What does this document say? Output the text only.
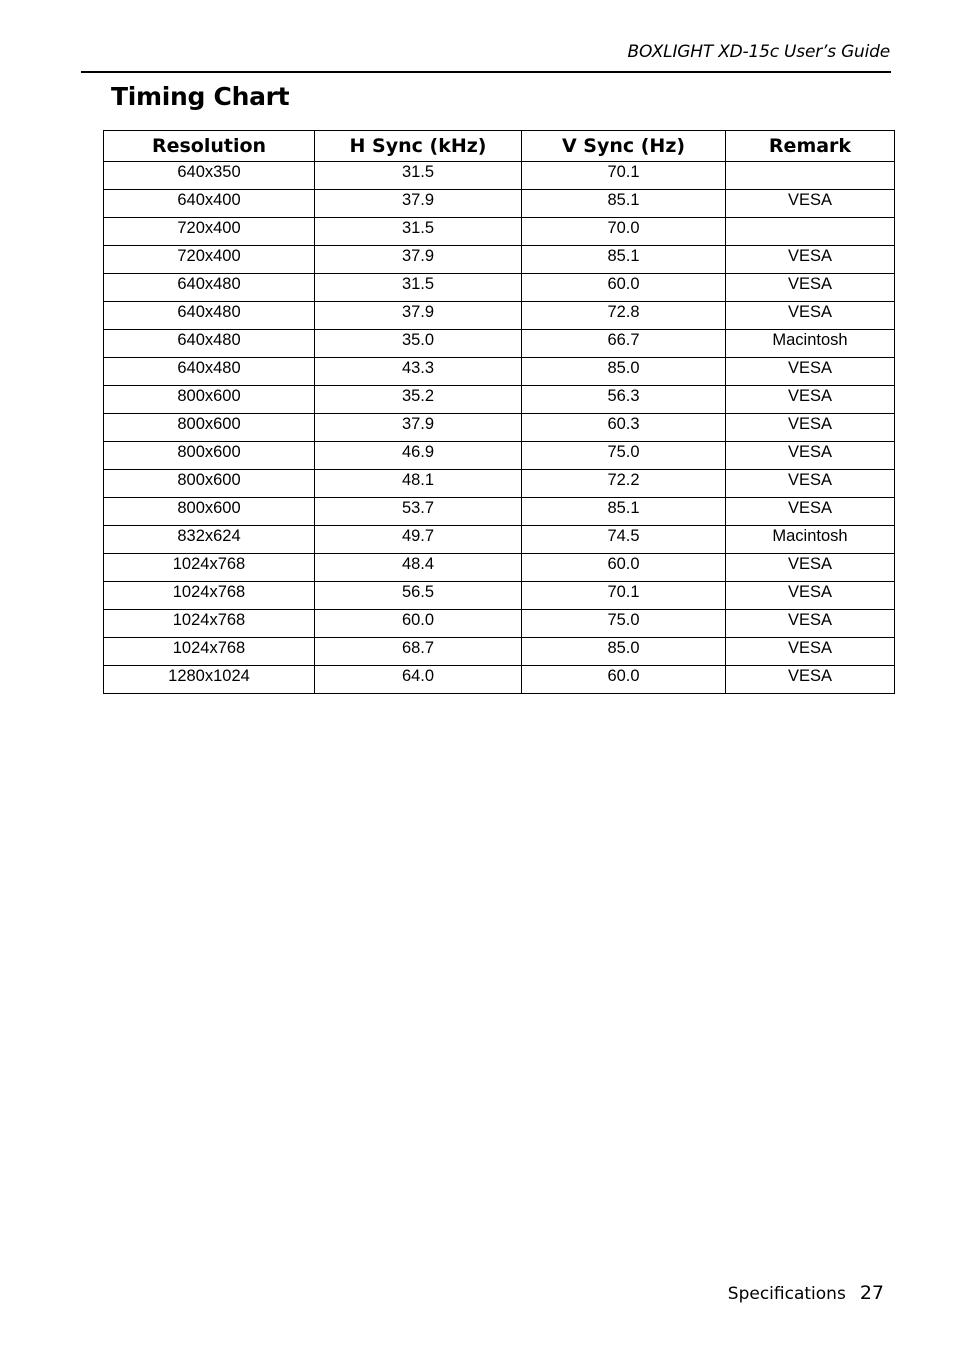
BOXLIGHT XD-15c User’s Guide
Timing Chart
Resolution	H Sync (kHz)	V Sync (Hz)	Remark
640x350	31.5	70.1	
640x400	37.9	85.1	VESA
720x400	31.5	70.0	
720x400	37.9	85.1	VESA
640x480	31.5	60.0	VESA
640x480	37.9	72.8	VESA
640x480	35.0	66.7	Macintosh
640x480	43.3	85.0	VESA
800x600	35.2	56.3	VESA
800x600	37.9	60.3	VESA
800x600	46.9	75.0	VESA
800x600	48.1	72.2	VESA
800x600	53.7	85.1	VESA
832x624	49.7	74.5	Macintosh
1024x768	48.4	60.0	VESA
1024x768	56.5	70.1	VESA
1024x768	60.0	75.0	VESA
1024x768	68.7	85.0	VESA
1280x1024	64.0	60.0	VESA
Specifications 27
